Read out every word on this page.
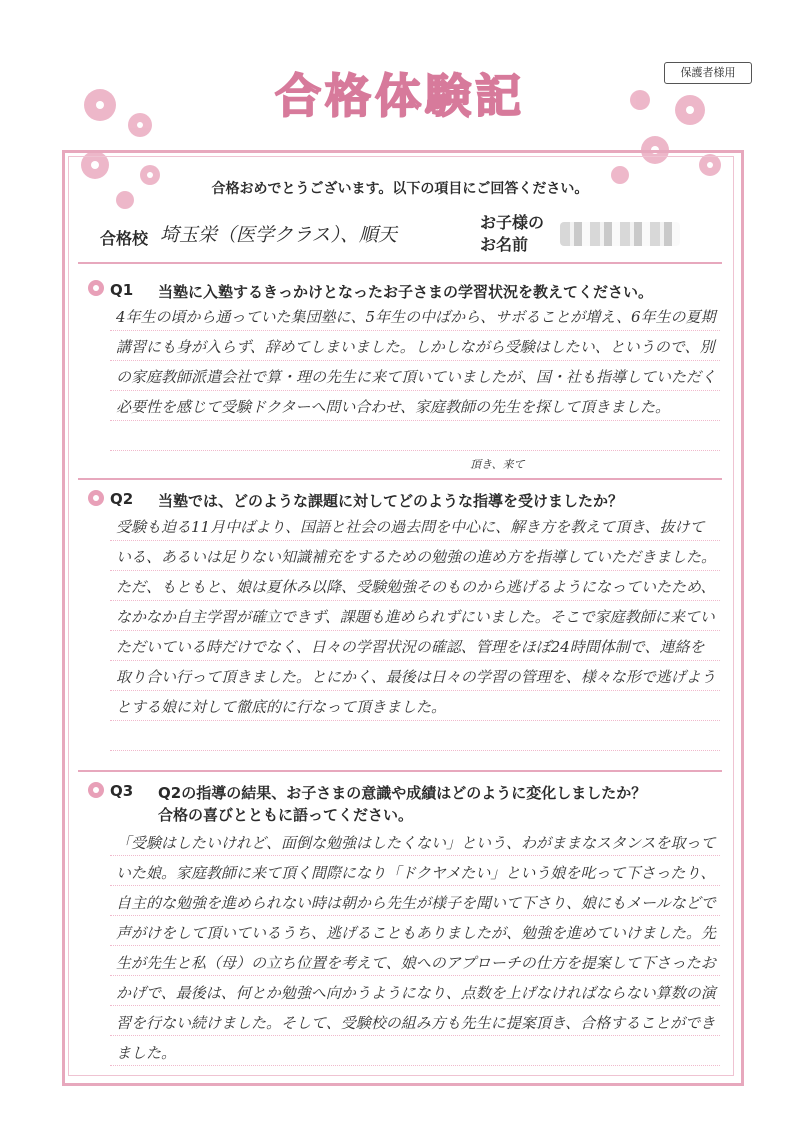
保護者様用
合格体験記
合格おめでとうございます。以下の項目にご回答ください。
合格校 埼玉栄（医学クラス）、順天
お子様の
お名前
Q1 当塾に入塾するきっかけとなったお子さまの学習状況を教えてください。
4年生の頃から通っていた集団塾に、5年生の中ばから、サボることが増え、6年生の夏期講習にも身が入らず、辞めてしまいました。しかしながら受験はしたい、というので、別の家庭教師派遣会社で算・理の先生に来て頂いていましたが、国・社も指導していただく必要性を感じて受験ドクターへ問い合わせ、家庭教師の先生を探して頂きました。
頂き、来て
Q2 当塾では、どのような課題に対してどのような指導を受けましたか？
受験も迫る11月中ばより、国語と社会の過去問を中心に、解き方を教えて頂き、抜けている、あるいは足りない知識補充をするための勉強の進め方を指導していただきました。ただ、もともと、娘は夏休み以降、受験勉強そのものから逃げるようになっていたため、なかなか自主学習が確立できず、課題も進められずにいました。そこで家庭教師に来ていただいている時だけでなく、日々の学習状況の確認、管理をほぼ24時間体制で、連絡を取り合い行って頂きました。とにかく、最後は日々の学習の管理を、様々な形で逃げようとする娘に対して徹底的に行なって頂きました。
Q3 Q2の指導の結果、お子さまの意識や成績はどのように変化しましたか？
合格の喜びとともに語ってください。
「受験はしたいけれど、面倒な勉強はしたくない」という、わがままなスタンスを取っていた娘。家庭教師に来て頂く間際になり「ドクヤメたい」という娘を叱って下さったり、自主的な勉強を進められない時は朝から先生が様子を聞いて下さり、娘にもメールなどで声がけをして頂いているうち、逃げることもありましたが、勉強を進めていけました。先生が先生と私（母）の立ち位置を考えて、娘へのアプローチの仕方を提案して下さったおかげで、最後は、何とか勉強へ向かうようになり、点数を上げなければならない算数の演習を行ない続けました。そして、受験校の組み方も先生に提案頂き、合格することができました。
